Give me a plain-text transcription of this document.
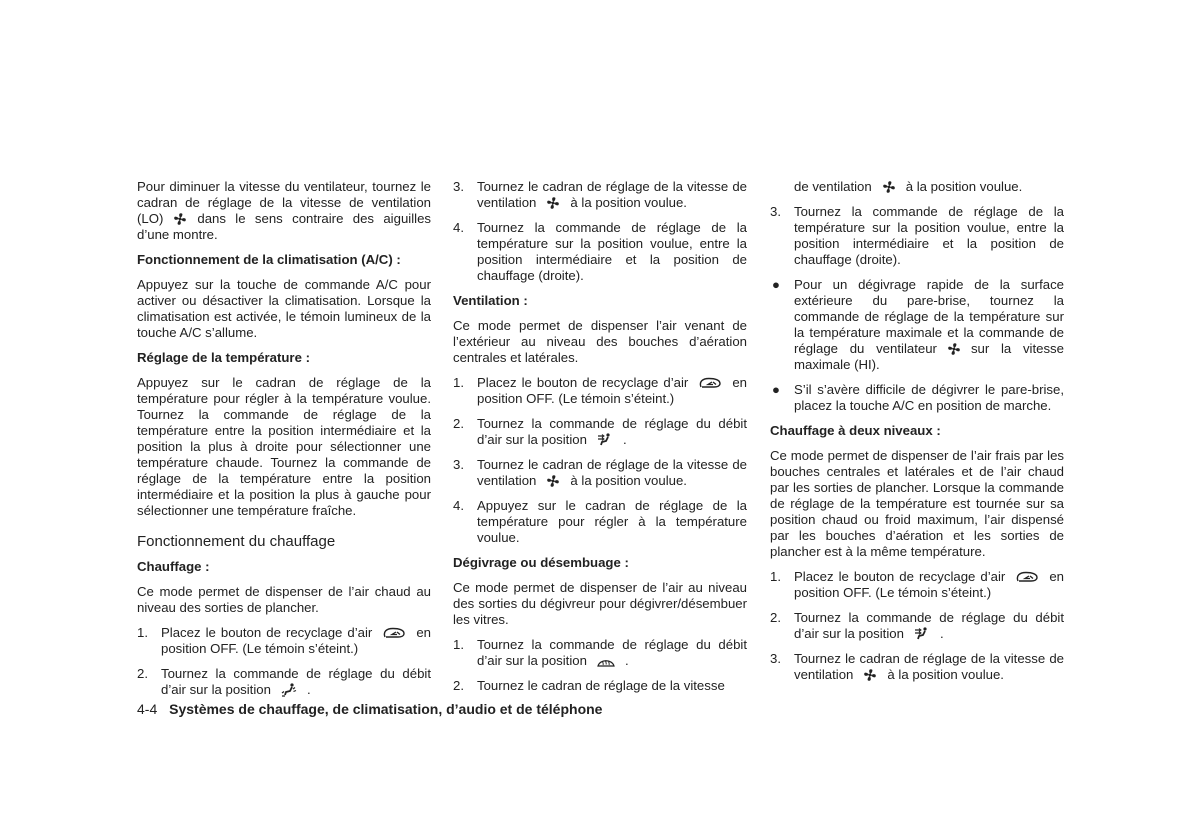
Pour diminuer la vitesse du ventilateur, tournez le cadran de réglage de la vitesse de ventilation (LO)	dans le sens contraire des aiguilles d’une montre.

Fonctionnement de la climatisation (A/C) :

Appuyez sur la touche de commande A/C pour activer ou désactiver la climatisation. Lorsque la climatisation est activée, le témoin lumineux de la touche A/C s’allume.

Réglage de la température :

Appuyez sur le cadran de réglage de la température pour régler à la température voulue. Tournez la commande de réglage de la température entre la position intermédiaire et la position la plus à droite pour sélectionner une température chaude. Tournez la commande de réglage de la température entre la position intermédiaire et la position la plus à gauche pour sélectionner une température fraîche.

Fonctionnement du chauffage
Chauffage :

Ce mode permet de dispenser de l’air chaud au niveau des sorties de plancher.

1. Placez le bouton de recyclage d’air	en position OFF. (Le témoin s’éteint.)
2. Tournez la commande de réglage du débit d’air sur la position	.
3. Tournez le cadran de réglage de la vitesse de ventilation	à la position voulue.
4. Tournez la commande de réglage de la température sur la position voulue, entre la position intermédiaire et la position de chauffage (droite).
Ventilation :

Ce mode permet de dispenser l’air venant de l’extérieur au niveau des bouches d’aération centrales et latérales.

1. Placez le bouton de recyclage d’air	en position OFF. (Le témoin s’éteint.)
2. Tournez la commande de réglage du débit d’air sur la position	.
3. Tournez le cadran de réglage de la vitesse de ventilation	à la position voulue.
4. Appuyez sur le cadran de réglage de la température pour régler à la température voulue.
Dégivrage ou désembuage :

Ce mode permet de dispenser de l’air au niveau des sorties du dégivreur pour dégivrer/désembuer les vitres.

1. Tournez la commande de réglage du débit d’air sur la position	.
2. Tournez le cadran de réglage de la vitesse
de ventilation	à la position voulue.
3. Tournez la commande de réglage de la température sur la position voulue, entre la position intermédiaire et la position de chauffage (droite).
● Pour un dégivrage rapide de la surface extérieure du pare-brise, tournez la commande de réglage de la température sur la température maximale et la commande de réglage du ventilateur	sur la vitesse maximale (HI).
● S’il s’avère difficile de dégivrer le pare-brise, placez la touche A/C en position de marche.
Chauffage à deux niveaux :

Ce mode permet de dispenser de l’air frais par les bouches centrales et latérales et de l’air chaud par les sorties de plancher. Lorsque la commande de réglage de la température est tournée sur sa position chaud ou froid maximum, l’air dispensé par les bouches d’aération et les sorties de plancher est à la même température.

1. Placez le bouton de recyclage d’air	en position OFF. (Le témoin s’éteint.)
2. Tournez la commande de réglage du débit d’air sur la position	.
3. Tournez le cadran de réglage de la vitesse de ventilation	à la position voulue.
4-4 Systèmes de chauffage, de climatisation, d’audio et de téléphone
